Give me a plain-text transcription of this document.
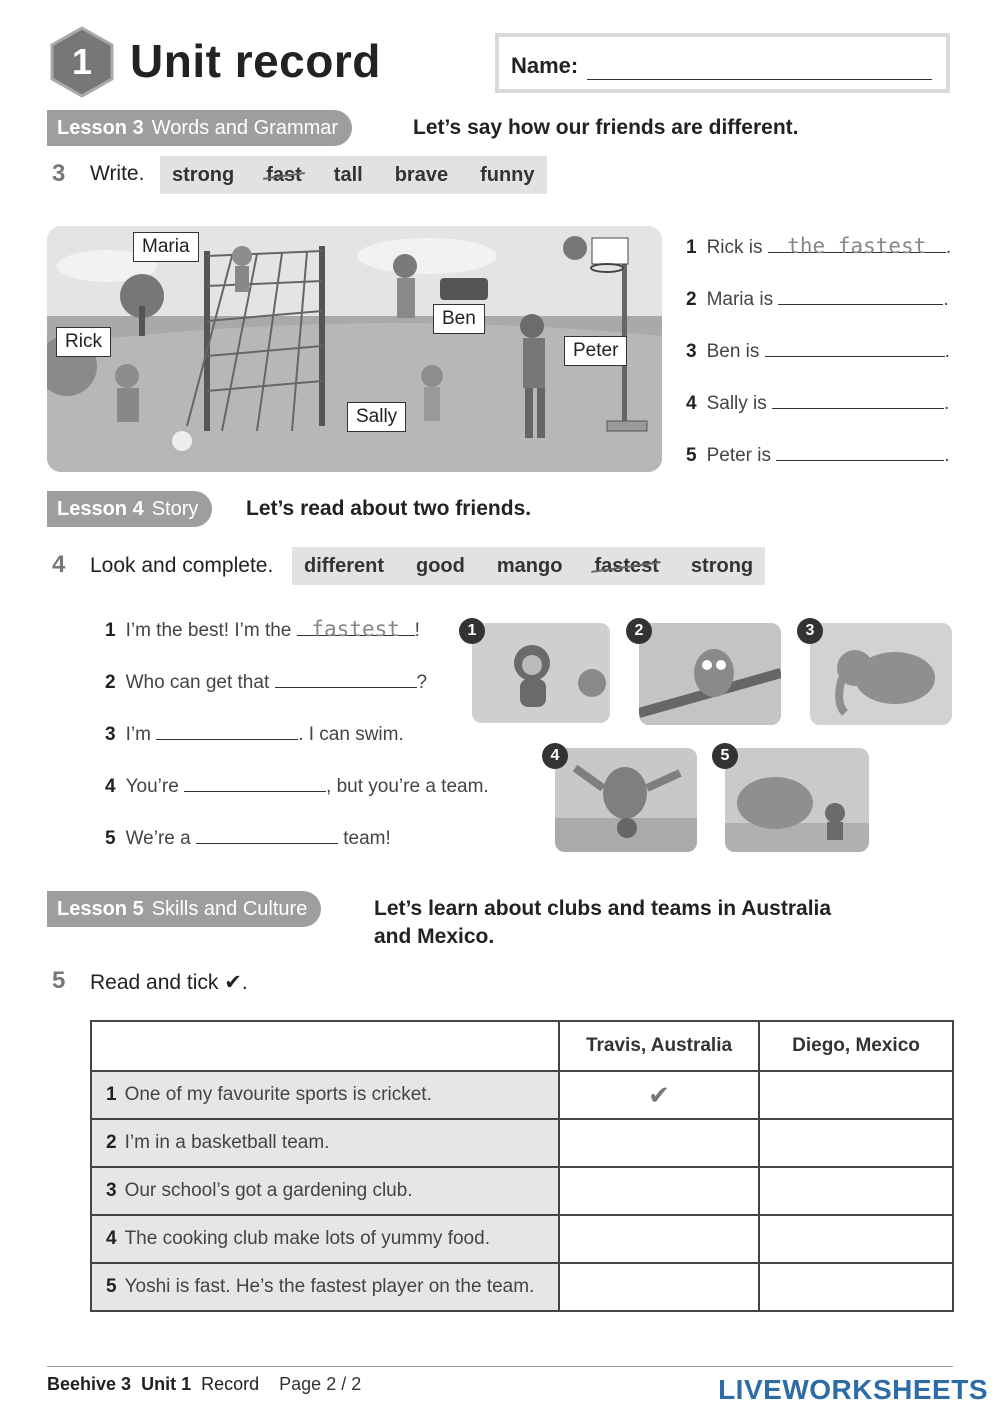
1 Unit record	Name:
Lesson 3 Words and Grammar	Let’s say how our friends are different.
3 Write. strong fast tall brave funny
Maria
Rick
Ben
Peter
Sally
1 Rick is the fastest .
2 Maria is	.
3 Ben is	.
4 Sally is	.
5 Peter is	.
Lesson 4 Story	Let’s read about two friends.
4 Look and complete. different good mango fastest strong
1 I’m the best! I’m the fastest !
2 Who can get that	?
3 I’m	. I can swim.
4 You’re	, but you’re a team.
5 We’re a	team!
1	2	3
4	5
Lesson 5 Skills and Culture	Let’s learn about clubs and teams in Australia
and Mexico.
5 Read and tick ✔.
	Travis, Australia	Diego, Mexico
1 One of my favourite sports is cricket.	✔	
2 I’m in a basketball team.		
3 Our school’s got a gardening club.		
4 The cooking club make lots of yummy food.		
5 Yoshi is fast. He’s the fastest player on the team.		
Beehive 3 Unit 1 Record Page 2 / 2	LIVEWORKSHEETS
